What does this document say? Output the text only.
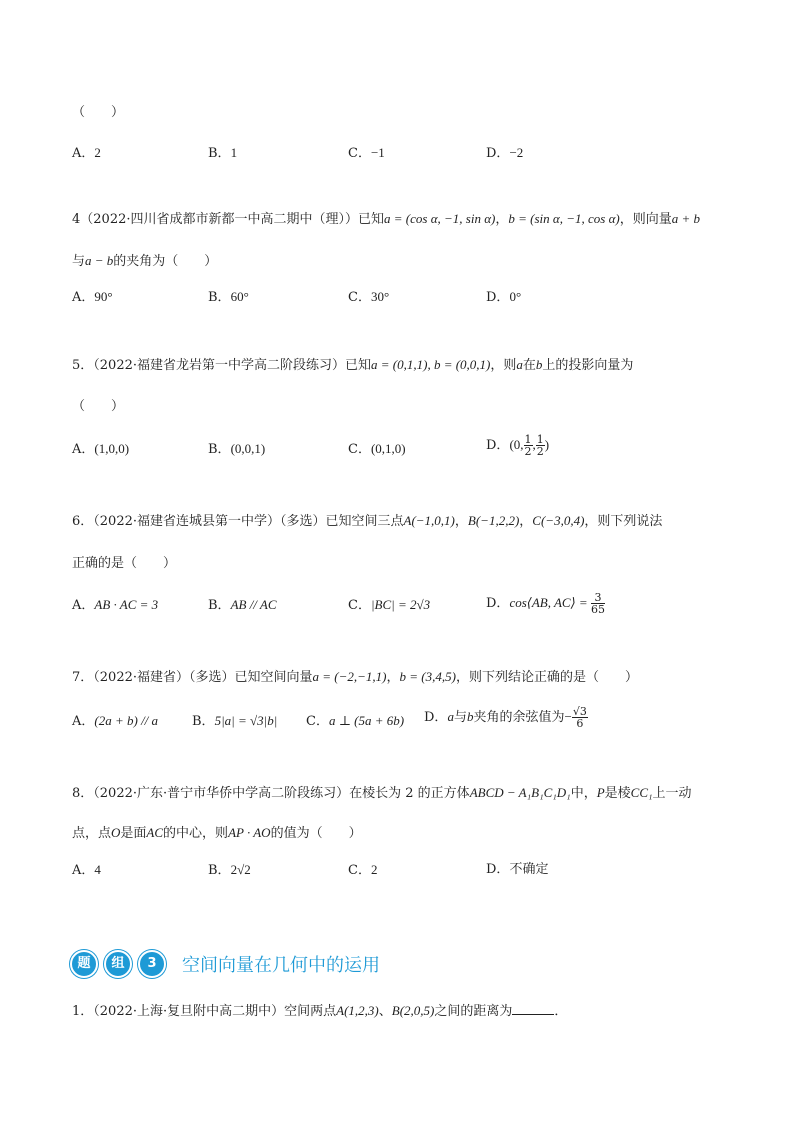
（　　）
A．2	B．1	C．−1	D．−2
4（2022·四川省成都市新都一中高二期中（理））已知a = (cos α, −1, sin α)，b = (sin α, −1, cos α)，则向量a + b
与a − b的夹角为（　　）
A．90°	B．60°	C．30°	D．0°
5．（2022·福建省龙岩第一中学高二阶段练习）已知a = (0,1,1), b = (0,0,1)，则a在b上的投影向量为
（　　）
A．(1,0,0)	B．(0,0,1)	C．(0,1,0)	D．(0, $\frac{1}{2}$ , $\frac{1}{2}$ )
6．（2022·福建省连城县第一中学）（多选）已知空间三点A(−1,0,1)，B(−1,2,2)，C(−3,0,4)，则下列说法
正确的是（　　）
A．AB · AC = 3	B．AB // AC	C．|BC| = 2√3	D．cos⟨AB, AC⟩ = $\frac{3}{65}$
7．（2022·福建省）（多选）已知空间向量a = (−2,−1,1)，b = (3,4,5)，则下列结论正确的是（　　）
A．(2a + b) // a	B．5|a| = √3|b| C．a ⊥ (5a + 6b) D．a与b夹角的余弦值为− $\frac{√3}{6}$
8．（2022·广东·普宁市华侨中学高二阶段练习）在棱长为 2 的正方体ABCD − A₁B₁C₁D₁中，P是棱CC₁上一动
点，点O是面AC的中心，则AP · AO的值为（　　）
A．4	B．2√2	C．2	D．不确定
题	组	3	空间向量在几何中的运用
1．（2022·上海·复旦附中高二期中）空间两点A(1,2,3)、B(2,0,5)之间的距离为	．
